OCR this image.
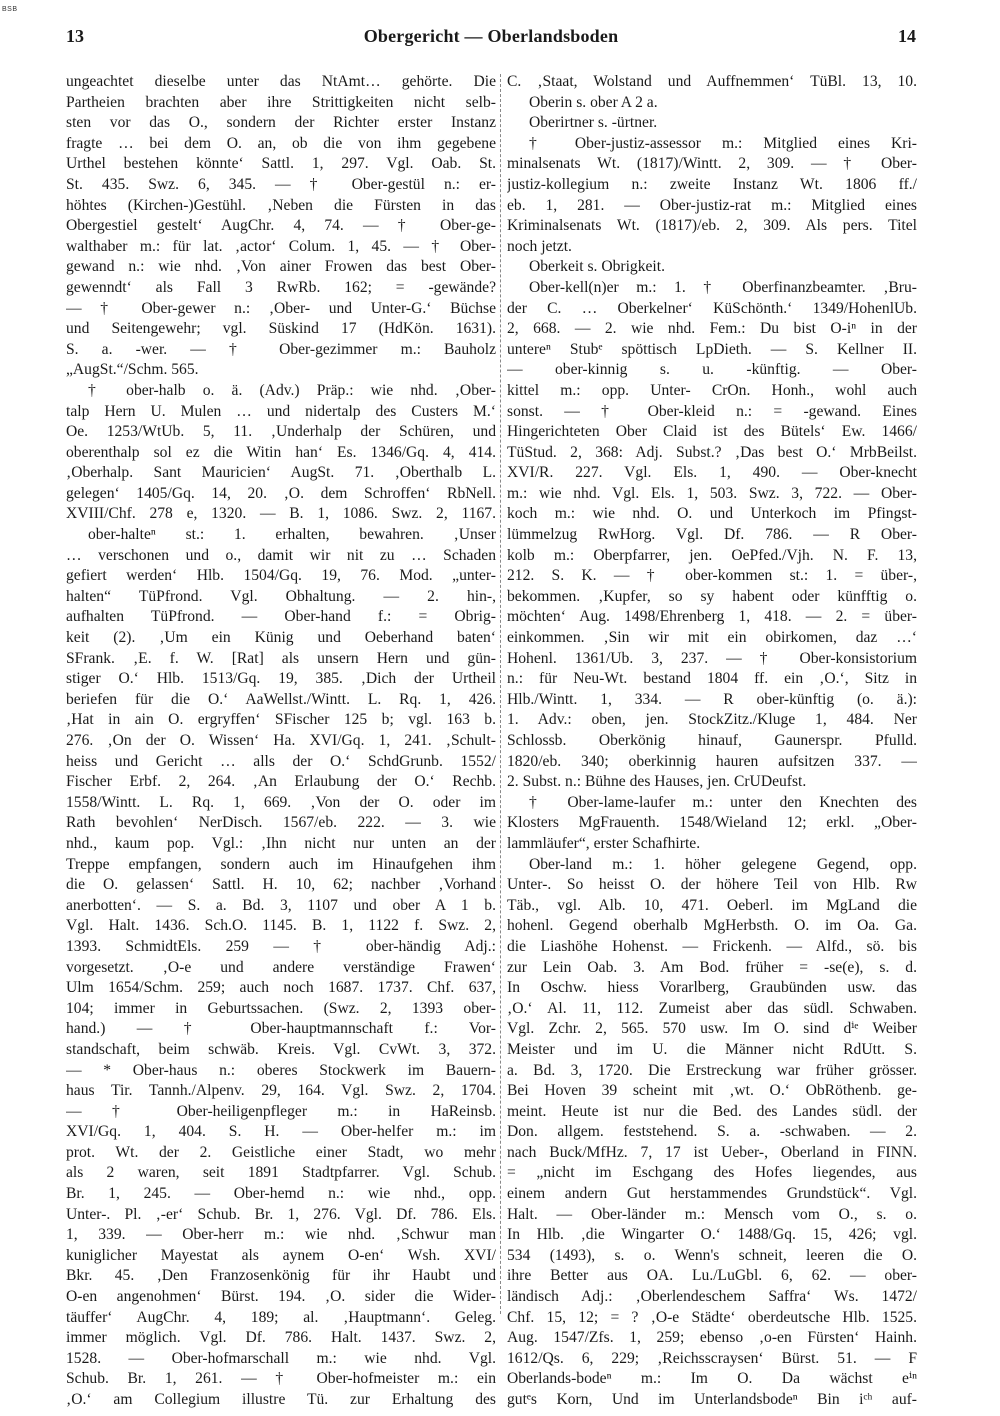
BSB
13	Obergericht — Oberlandsboden	14
ungeachtet dieselbe unter das NtAmt… gehörte. Die
Partheien brachten aber ihre Strittigkeiten nicht selb-
sten vor das O., sondern der Richter erster Instanz
fragte … bei dem O. an, ob die von ihm gegebene
Urthel bestehen könnte‘ Sattl. 1, 297. Vgl. Oab. St.
St. 435. Swz. 6, 345. — † Ober-gestül n.: er-
höhtes (Kirchen-)Gestühl. ‚Neben die Fürsten in das
Obergestiel gestelt‘ AugChr. 4, 74. — † Ober-ge-
walthaber m.: für lat. ‚actor‘ Colum. 1, 45. — † Ober-
gewand n.: wie nhd. ‚Von ainer Frowen das best Ober-
gewenndt‘ als Fall 3 RwRb. 162; = -gewände?
— † Ober-gewer n.: ‚Ober- und Unter-G.‘ Büchse
und Seitengewehr; vgl. Süskind 17 (HdKön. 1631).
S. a. -wer. — † Ober-gezimmer m.: Bauholz
„AugSt.“/Schm. 565.
† ober-halb o. ä. (Adv.) Präp.: wie nhd. ‚Ober-
talp Hern U. Mulen … und nidertalp des Custers M.‘
Oe. 1253/WtUb. 5, 11. ‚Underhalp der Schüren, und
oberenthalp sol ez die Witin han‘ Es. 1346/Gq. 4, 414.
‚Oberhalp. Sant Mauricien‘ AugSt. 71. ‚Oberthalb L.
gelegen‘ 1405/Gq. 14, 20. ‚O. dem Schroffen‘ RbNell.
XVIII/Chf. 278 e, 1320. — B. 1, 1086. Swz. 2, 1167.
ober-halteⁿ st.: 1. erhalten, bewahren. ‚Unser
… verschonen und o., damit wir nit zu … Schaden
gefiert werden‘ Hlb. 1504/Gq. 19, 76. Mod. „unter-
halten“ TüPfrond. Vgl. Obhaltung. — 2. hin-,
aufhalten TüPfrond. — Ober-hand f.: = Obrig-
keit (2). ‚Um ein Künig und Oeberhand baten‘
SFrank. ‚E. f. W. [Rat] als unsern Hern und gün-
stiger O.‘ Hlb. 1513/Gq. 19, 385. ‚Dich der Urtheil
beriefen für die O.‘ AaWellst./Wintt. L. Rq. 1, 426.
‚Hat in ain O. ergryffen‘ SFischer 125 b; vgl. 163 b.
276. ‚On der O. Wissen‘ Ha. XVI/Gq. 1, 241. ‚Schult-
heiss und Gericht … alls der O.‘ SchdGrunb. 1552/
Fischer Erbf. 2, 264. ‚An Erlaubung der O.‘ Rechb.
1558/Wintt. L. Rq. 1, 669. ‚Von der O. oder im
Rath bevohlen‘ NerDisch. 1567/eb. 222. — 3. wie
nhd., kaum pop. Vgl.: ‚Ihn nicht nur unten an der
Treppe empfangen, sondern auch im Hinaufgehen ihm
die O. gelassen‘ Sattl. H. 10, 62; nachber ‚Vorhand
anerbotten‘. — S. a. Bd. 3, 1107 und ober A 1 b.
Vgl. Halt. 1436. Sch.O. 1145. B. 1, 1122 f. Swz. 2,
1393. SchmidtEls. 259 — † ober-händig Adj.:
vorgesetzt. ‚O-e und andere verständige Frawen‘
Ulm 1654/Schm. 259; auch noch 1687. 1737. Chf. 637,
104; immer in Geburtssachen. (Swz. 2, 1393 ober-
hand.) — † Ober-hauptmannschaft f.: Vor-
standschaft, beim schwäb. Kreis. Vgl. CvWt. 3, 372.
— * Ober-haus n.: oberes Stockwerk im Bauern-
haus Tir. Tannh./Alpenv. 29, 164. Vgl. Swz. 2, 1704.
— † Ober-heiligenpfleger m.: in HaReinsb.
XVI/Gq. 1, 404. S. H. — Ober-helfer m.: im
prot. Wt. der 2. Geistliche einer Stadt, wo mehr
als 2 waren, seit 1891 Stadtpfarrer. Vgl. Schub.
Br. 1, 245. — Ober-hemd n.: wie nhd., opp.
Unter-. Pl. ‚-er‘ Schub. Br. 1, 276. Vgl. Df. 786. Els.
1, 339. — Ober-herr m.: wie nhd. ‚Schwur man
kuniglicher Mayestat als aynem O-en‘ Wsh. XVI/
Bkr. 45. ‚Den Franzosenkönig für ihr Haubt und
O-en angenohmen‘ Bürst. 194. ‚O. sider die Wider-
täuffer‘ AugChr. 4, 189; al. ‚Hauptmann‘. Geleg.
immer möglich. Vgl. Df. 786. Halt. 1437. Swz. 2,
1528. — Ober-hofmarschall m.: wie nhd. Vgl.
Schub. Br. 1, 261. — † Ober-hofmeister m.: ein
‚O.‘ am Collegium illustre Tü. zur Erhaltung des
C. ‚Staat, Wolstand und Auffnemmen‘ TüBl. 13, 10.
Oberin s. ober A 2 a.
Oberirtner s. -ürtner.
† Ober-justiz-assessor m.: Mitglied eines Kri-
minalsenats Wt. (1817)/Wintt. 2, 309. — † Ober-
justiz-kollegium n.: zweite Instanz Wt. 1806 ff./
eb. 1, 281. — Ober-justiz-rat m.: Mitglied eines
Kriminalsenats Wt. (1817)/eb. 2, 309. Als pers. Titel
noch jetzt.
Oberkeit s. Obrigkeit.
Ober-kell(n)er m.: 1. † Oberfinanzbeamter. ‚Bru-
der C. … Oberkelner‘ KüSchönth.‘ 1349/HohenlUb.
2, 668. — 2. wie nhd. Fem.: Du bist O-iⁿ in der
untereⁿ Stubᵉ spöttisch LpDieth. — S. Kellner II.
— ober-kinnig s. u. -künftig. — Ober-
kittel m.: opp. Unter- CrOn. Honh., wohl auch
sonst. — † Ober-kleid n.: = -gewand. Eines
Hingerichteten Ober Claid ist des Bütels‘ Ew. 1466/
TüStud. 2, 368: Adj. Subst.? ‚Das best O.‘ MrbBeilst.
XVI/R. 227. Vgl. Els. 1, 490. — Ober-knecht
m.: wie nhd. Vgl. Els. 1, 503. Swz. 3, 722. — Ober-
koch m.: wie nhd. O. und Unterkoch im Pfingst-
lümmelzug RwHorg. Vgl. Df. 786. — R Ober-
kolb m.: Oberpfarrer, jen. OePfed./Vjh. N. F. 13,
212. S. K. — † ober-kommen st.: 1. = über-,
bekommen. ‚Kupfer, so sy habent oder künfftig o.
möchten‘ Aug. 1498/Ehrenberg 1, 418. — 2. = über-
einkommen. ‚Sin wir mit ein obirkomen, daz …‘
Hohenl. 1361/Ub. 3, 237. — † Ober-konsistorium
n.: für Neu-Wt. bestand 1804 ff. ein ‚O.‘, Sitz in
Hlb./Wintt. 1, 334. — R ober-künftig (o. ä.):
1. Adv.: oben, jen. StockZitz./Kluge 1, 484. Ner
Schlossb. Oberkönig hinauf, Gaunerspr. Pfulld.
1820/eb. 340; oberkinnig hauren aufsitzen 337. —
2. Subst. n.: Bühne des Hauses, jen. CrUDeufst.
† Ober-lame-laufer m.: unter den Knechten des
Klosters MgFrauenth. 1548/Wieland 12; erkl. „Ober-
lammläufer“, erster Schafhirte.
Ober-land m.: 1. höher gelegene Gegend, opp.
Unter-. So heisst O. der höhere Teil von Hlb. Rw
Täb., vgl. Alb. 10, 471. Oeberl. im MgLand die
hohenl. Gegend oberhalb MgHerbsth. O. im Oa. Ga.
die Liashöhe Hohenst. — Frickenh. — Alfd., sö. bis
zur Lein Oab. 3. Am Bod. früher = -se(e), s. d.
In Oschw. hiess Vorarlberg, Graubünden usw. das
‚O.‘ Al. 11, 112. Zumeist aber das südl. Schwaben.
Vgl. Zchr. 2, 565. 570 usw. Im O. sind dⁱᵉ Weiber
Meister und im U. die Männer nicht RdUtt. S.
a. Bd. 3, 1720. Die Erstreckung war früher grösser.
Bei Hoven 39 scheint mit ‚wt. O.‘ ObRöthenb. ge-
meint. Heute ist nur die Bed. des Landes südl. der
Don. allgem. feststehend. S. a. -schwaben. — 2.
nach Buck/MfHz. 7, 17 ist Ueber-, Oberland in FINN.
= „nicht im Eschgang des Hofes liegendes, aus
einem andern Gut herstammendes Grundstück“. Vgl.
Halt. — Ober-länder m.: Mensch vom O., s. o.
In Hlb. ‚die Wingarter O.‘ 1488/Gq. 15, 426; vgl.
534 (1493), s. o. Wenn's schneit, leeren die O.
ihre Better aus OA. Lu./LuGbl. 6, 62. — ober-
ländisch Adj.: ‚Oberlendeschem Saffra‘ Ws. 1472/
Chf. 15, 12; = ? ‚O-e Städte‘ oberdeutsche Hlb. 1525.
Aug. 1547/Zfs. 1, 259; ebenso ‚o-en Fürsten‘ Hainh.
1612/Qs. 6, 229; ‚Reichsscraysen‘ Bürst. 51. — F
Oberlands-bodeⁿ m.: Im O. Da wächst eⁱⁿ
gutᵉs Korn, Und im Unterlandsbodeⁿ Bin iᶜʰ auf-
